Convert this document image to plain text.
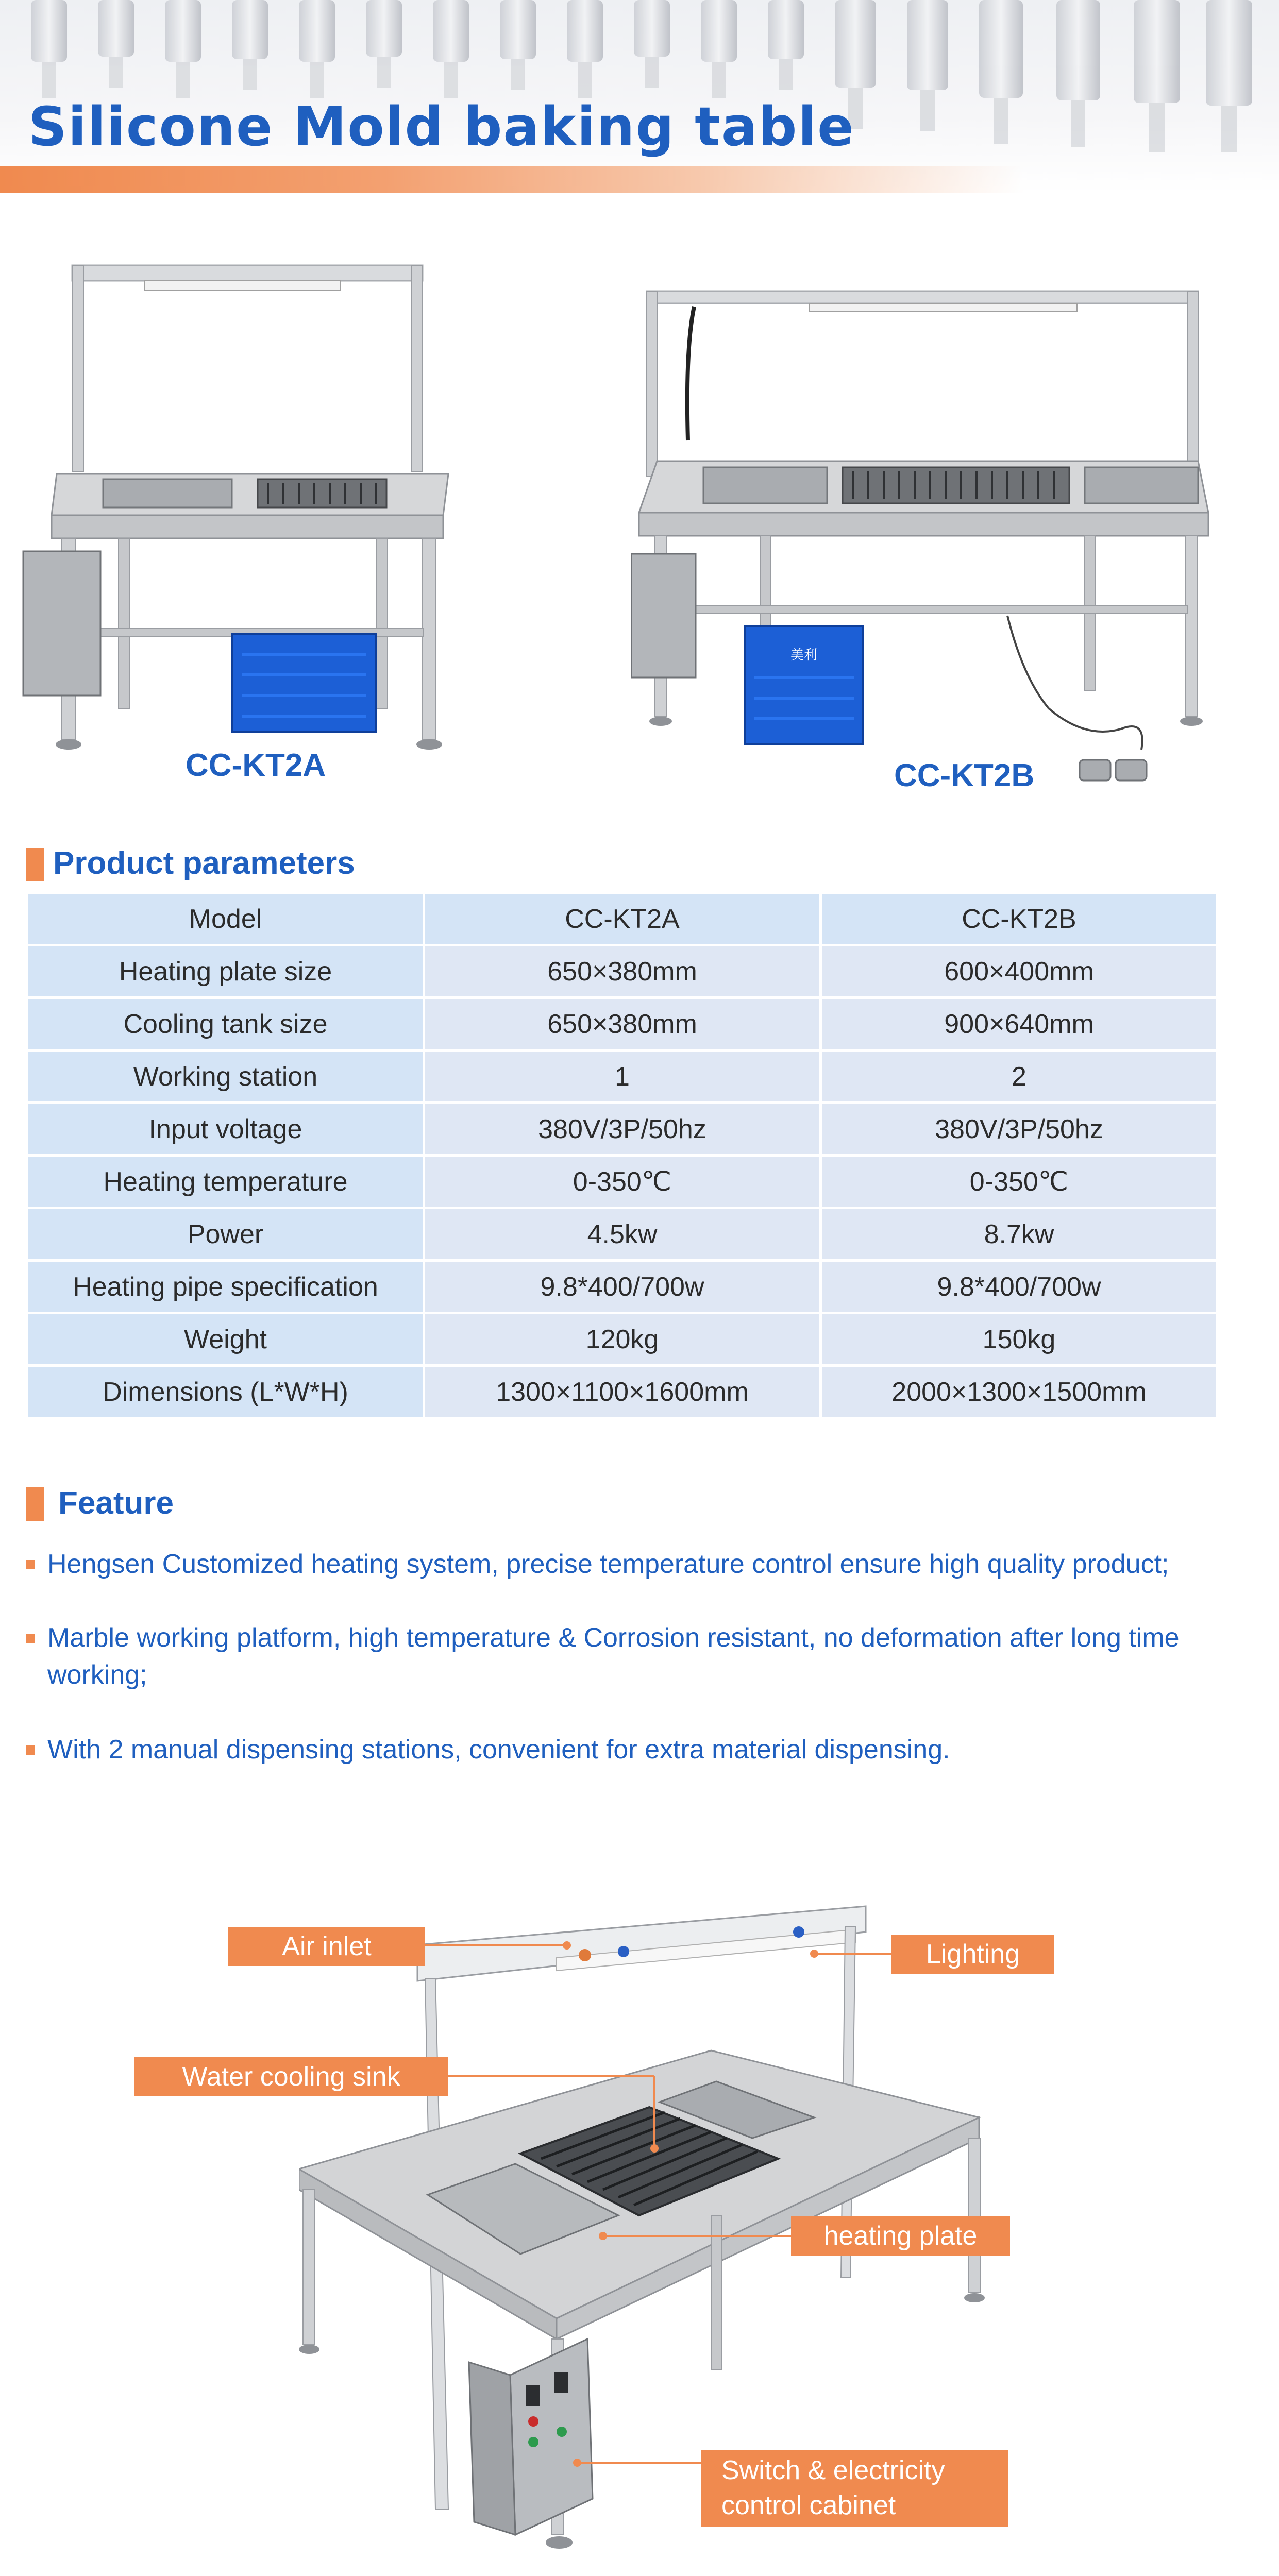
Silicone Mold baking table
CC-KT2A
美利
CC-KT2B
Product parameters
Model	CC-KT2A	CC-KT2B
Heating plate size	650×380mm	600×400mm
Cooling tank size	650×380mm	900×640mm
Working station	1	2
Input voltage	380V/3P/50hz	380V/3P/50hz
Heating temperature	0-350℃	0-350℃
Power	4.5kw	8.7kw
Heating pipe specification	9.8*400/700w	9.8*400/700w
Weight	120kg	150kg
Dimensions (L*W*H)	1300×1100×1600mm	2000×1300×1500mm
Feature
Hengsen Customized heating system, precise temperature control ensure high quality product;
Marble working platform, high temperature & Corrosion resistant, no deformation after long time working;
With 2 manual dispensing stations, convenient for extra material dispensing.
Air inlet	Lighting
Water cooling sink
heating plate
Switch & electricity
control cabinet
